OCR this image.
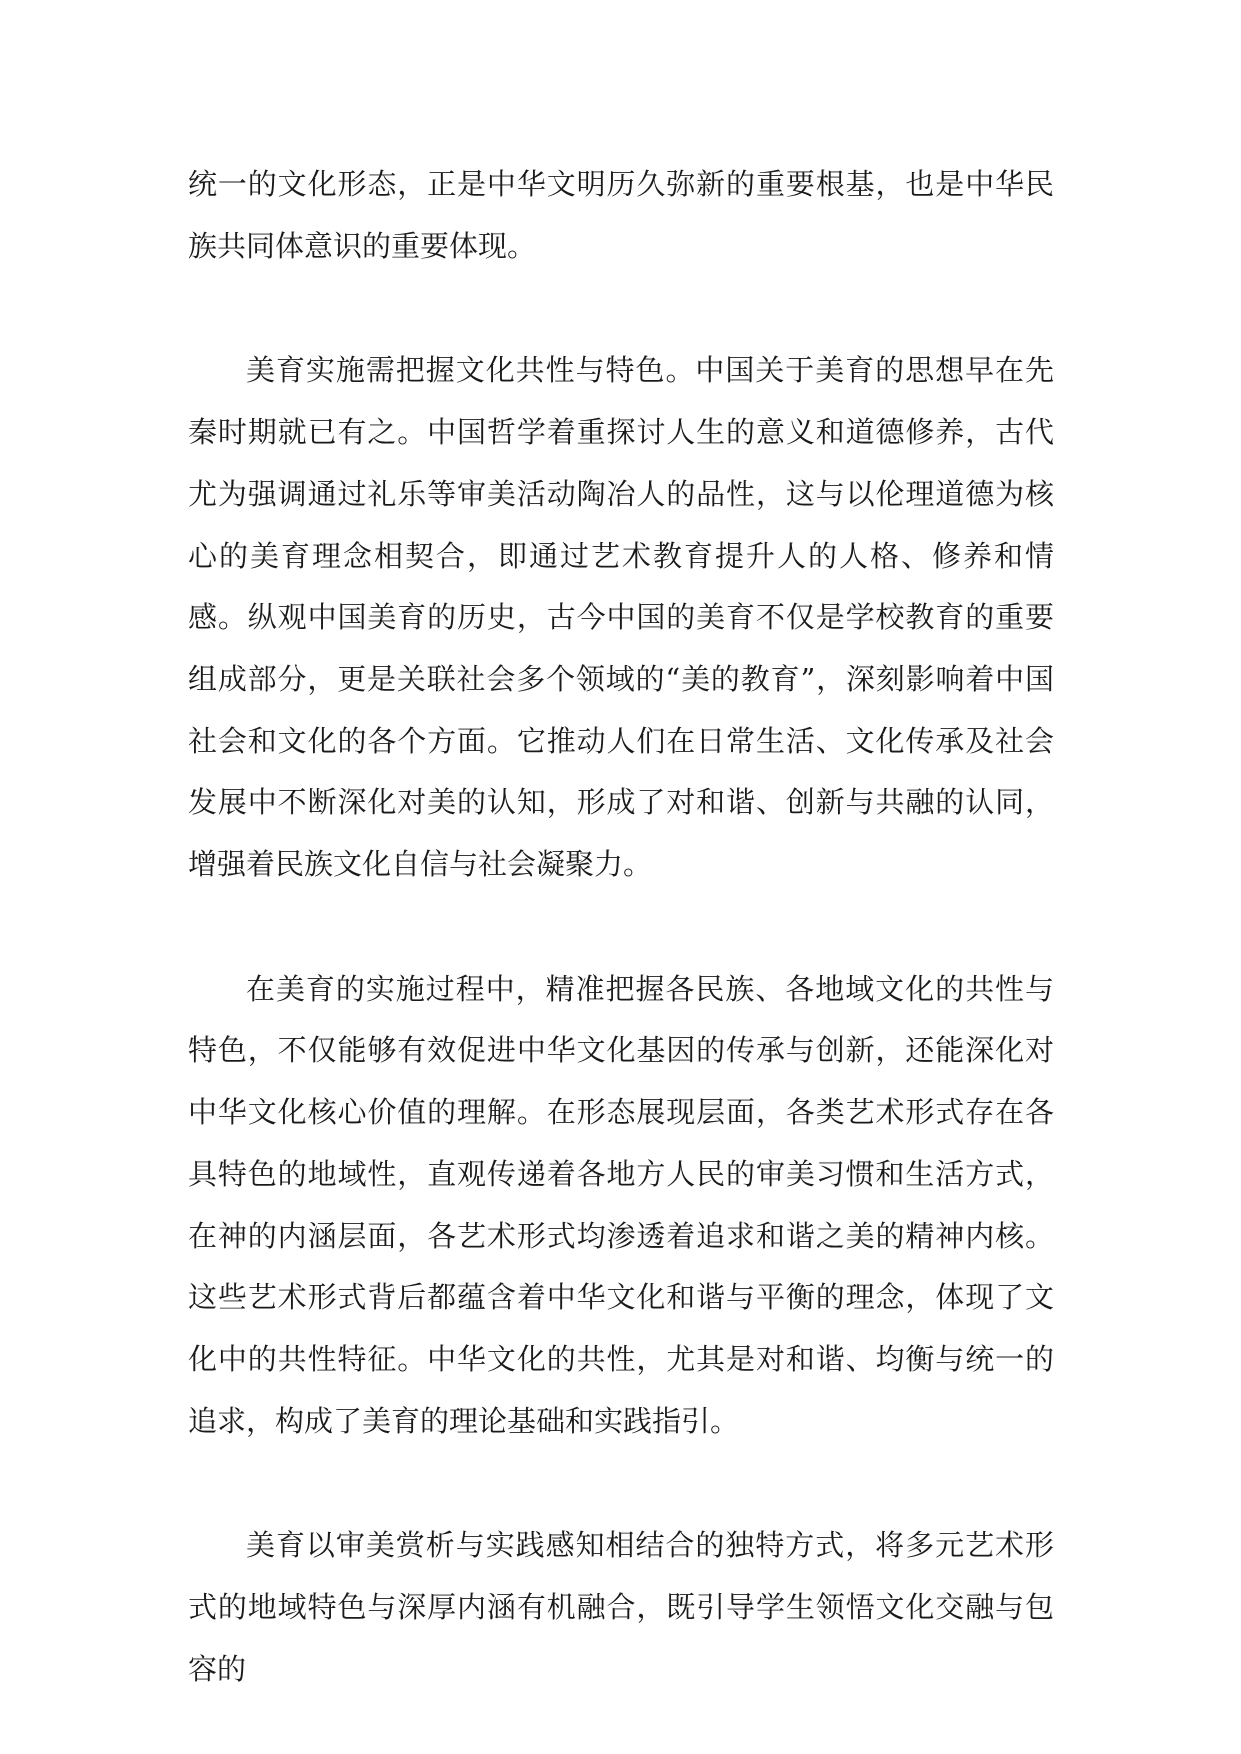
统一的文化形态，正是中华文明历久弥新的重要根基，也是中华民族共同体意识的重要体现。

美育实施需把握文化共性与特色。中国关于美育的思想早在先秦时期就已有之。中国哲学着重探讨人生的意义和道德修养，古代尤为强调通过礼乐等审美活动陶冶人的品性，这与以伦理道德为核心的美育理念相契合，即通过艺术教育提升人的人格、修养和情感。纵观中国美育的历史，古今中国的美育不仅是学校教育的重要组成部分，更是关联社会多个领域的“美的教育”，深刻影响着中国社会和文化的各个方面。它推动人们在日常生活、文化传承及社会发展中不断深化对美的认知，形成了对和谐、创新与共融的认同，增强着民族文化自信与社会凝聚力。

在美育的实施过程中，精准把握各民族、各地域文化的共性与特色，不仅能够有效促进中华文化基因的传承与创新，还能深化对中华文化核心价值的理解。在形态展现层面，各类艺术形式存在各具特色的地域性，直观传递着各地方人民的审美习惯和生活方式，在神的内涵层面，各艺术形式均渗透着追求和谐之美的精神内核。这些艺术形式背后都蕴含着中华文化和谐与平衡的理念，体现了文化中的共性特征。中华文化的共性，尤其是对和谐、均衡与统一的追求，构成了美育的理论基础和实践指引。

美育以审美赏析与实践感知相结合的独特方式，将多元艺术形式的地域特色与深厚内涵有机融合，既引导学生领悟文化交融与包容的
